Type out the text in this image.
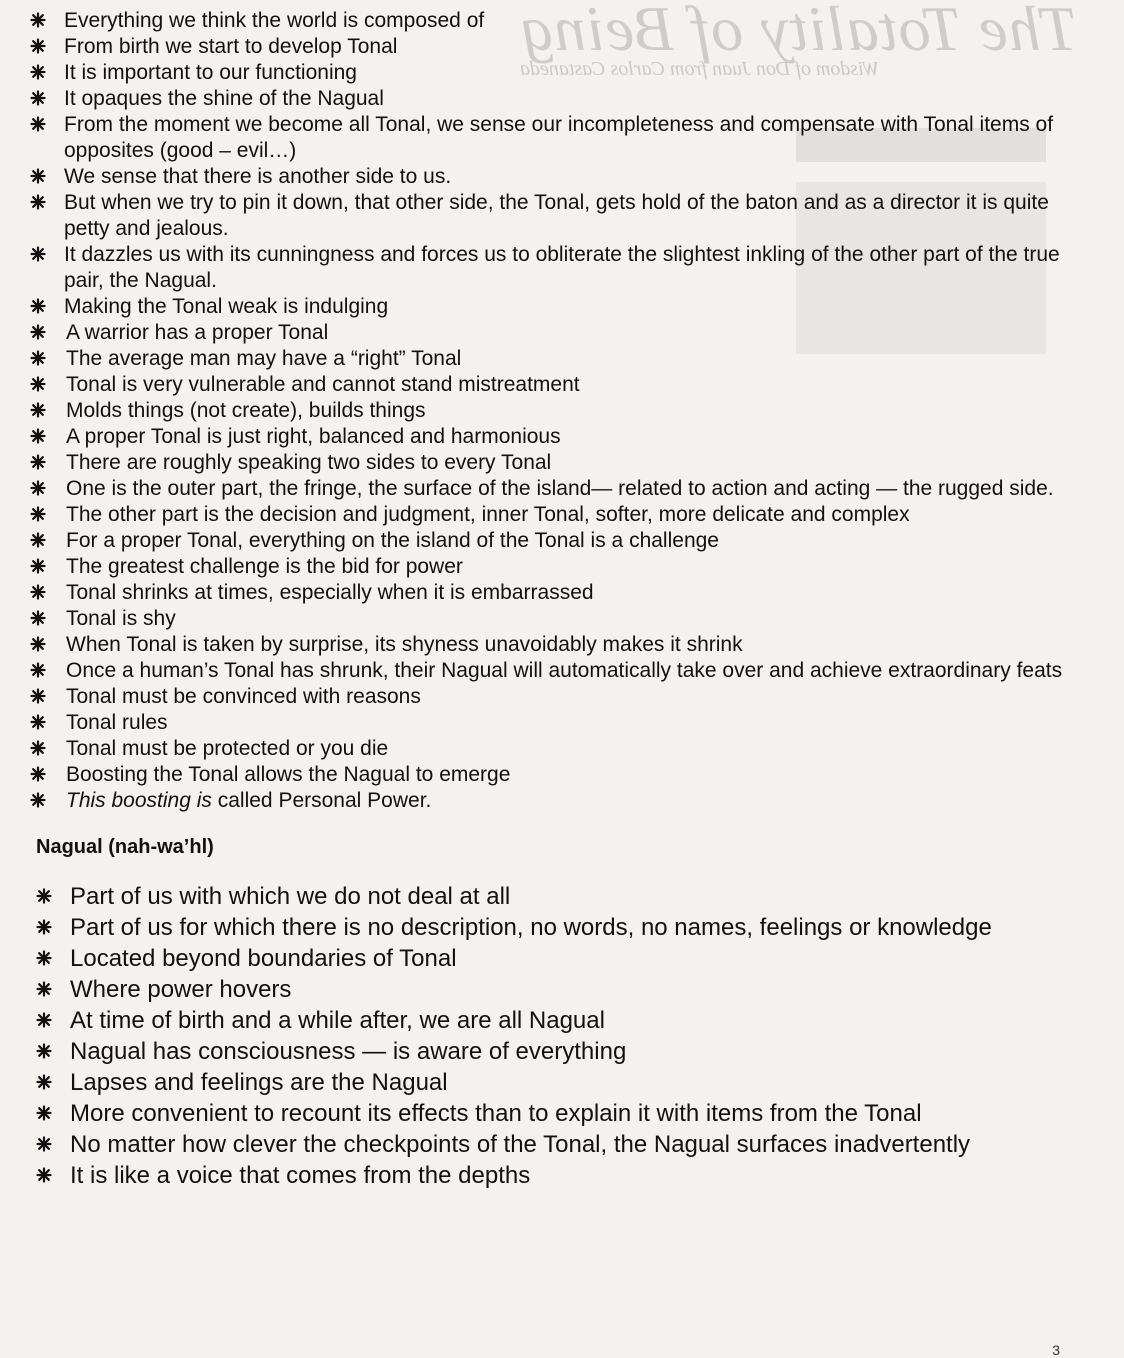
The Totality of Being
Wisdom of Don Juan from Carlos Castaneda
Everything we think the world is composed of
From birth we start to develop Tonal
It is important to our functioning
It opaques the shine of the Nagual
From the moment we become all Tonal, we sense our incompleteness and compensate with Tonal items of opposites (good – evil…)
We sense that there is another side to us.
But when we try to pin it down, that other side, the Tonal, gets hold of the baton and as a director it is quite petty and jealous.
It dazzles us with its cunningness and forces us to obliterate the slightest inkling of the other part of the true pair, the Nagual.
Making the Tonal weak is indulging
A warrior has a proper Tonal
The average man may have a “right” Tonal
Tonal is very vulnerable and cannot stand mistreatment
Molds things (not create), builds things
A proper Tonal is just right, balanced and harmonious
There are roughly speaking two sides to every Tonal
One is the outer part, the fringe, the surface of the island— related to action and acting — the rugged side.
The other part is the decision and judgment, inner Tonal, softer, more delicate and complex
For a proper Tonal, everything on the island of the Tonal is a challenge
The greatest challenge is the bid for power
Tonal shrinks at times, especially when it is embarrassed
Tonal is shy
When Tonal is taken by surprise, its shyness unavoidably makes it shrink
Once a human’s Tonal has shrunk, their Nagual will automatically take over and achieve extraordinary feats
Tonal must be convinced with reasons
Tonal rules
Tonal must be protected or you die
Boosting the Tonal allows the Nagual to emerge
This boosting is called Personal Power.
Nagual (nah-wa’hl)
Part of us with which we do not deal at all
Part of us for which there is no description, no words, no names, feelings or knowledge
Located beyond boundaries of Tonal
Where power hovers
At time of birth and a while after, we are all Nagual
Nagual has consciousness — is aware of everything
Lapses and feelings are the Nagual
More convenient to recount its effects than to explain it with items from the Tonal
No matter how clever the checkpoints of the Tonal, the Nagual surfaces inadvertently
It is like a voice that comes from the depths
3
